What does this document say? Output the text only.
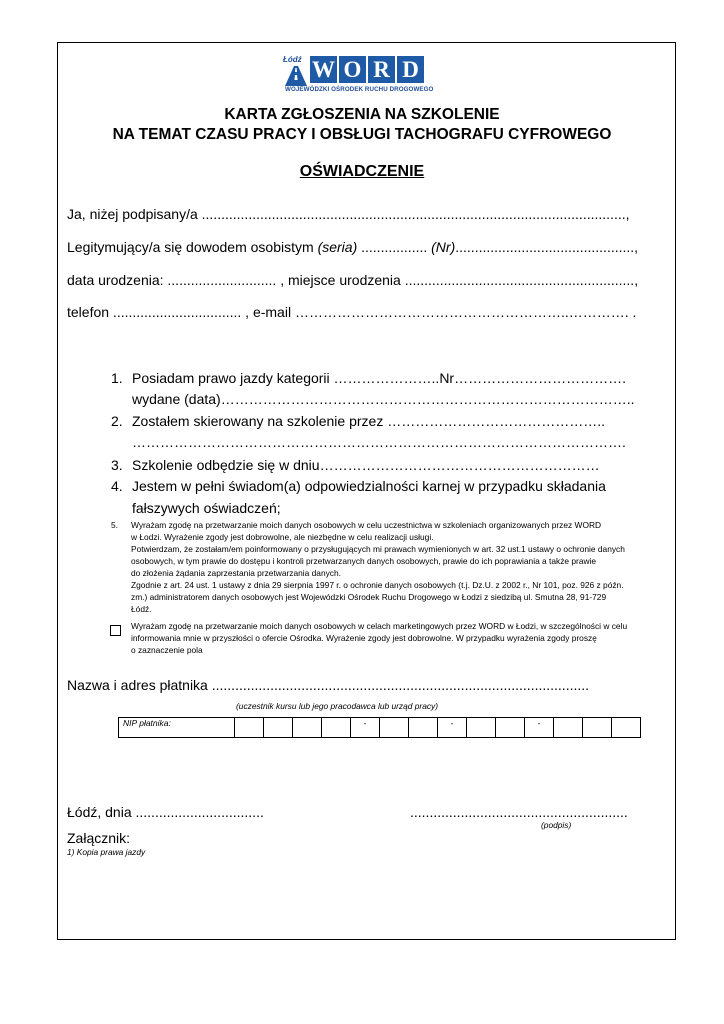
Łódź W O R D
WOJEWÓDZKI OŚRODEK RUCHU DROGOWEGO
KARTA ZGŁOSZENIA NA SZKOLENIE
NA TEMAT CZASU PRACY I OBSŁUGI TACHOGRAFU CYFROWEGO
OŚWIADCZENIE
Ja, niżej podpisany/a .............................................................................................................,
Legitymujący/a się dowodem osobistym (seria) ................. (Nr)..............................................,
data urodzenia: ............................ , miejsce urodzenia ...........................................................,
telefon ................................. , e-mail …………………………………………………..…………. .
1. Posiadam prawo jazdy kategorii …………………..Nr……………………………….
wydane (data)……………………………………………………………………………..
2. Zostałem skierowany na szkolenie przez ………………………………………..
…………………………………………………………………………………………….
3. Szkolenie odbędzie się w dniu……………………………………………………
4. Jestem w pełni świadom(a) odpowiedzialności karnej w przypadku składania
fałszywych oświadczeń;
5. Wyrażam zgodę na przetwarzanie moich danych osobowych w celu uczestnictwa w szkoleniach organizowanych przez WORD
w Łodzi. Wyrażenie zgody jest dobrowolne, ale niezbędne w celu realizacji usługi.
Potwierdzam, że zostałam/em poinformowany o przysługujących mi prawach wymienionych w art. 32 ust.1 ustawy o ochronie danych
osobowych, w tym prawie do dostępu i kontroli przetwarzanych danych osobowych, prawie do ich poprawiania a także prawie
do złożenia żądania zaprzestania przetwarzania danych.
Zgodnie z art. 24 ust. 1 ustawy z dnia 29 sierpnia 1997 r. o ochronie danych osobowych (t.j. Dz.U. z 2002 r., Nr 101, poz. 926 z późn.
zm.) administratorem danych osobowych jest Wojewódzki Ośrodek Ruchu Drogowego w Łodzi z siedzibą ul. Smutna 28, 91-729
Łódź.
Wyrażam zgodę na przetwarzanie moich danych osobowych w celach marketingowych przez WORD w Łodzi, w szczególności w celu
informowania mnie w przyszłości o ofercie Ośrodka. Wyrażenie zgody jest dobrowolne. W przypadku wyrażenia zgody proszę
o zaznaczenie pola
Nazwa i adres płatnika .................................................................................................
(uczestnik kursu lub jego pracodawca lub urząd pracy)
NIP płatnika:					-			-			-			
Łódź, dnia .................................	........................................................
(podpis)
Załącznik:
1) Kopia prawa jazdy
